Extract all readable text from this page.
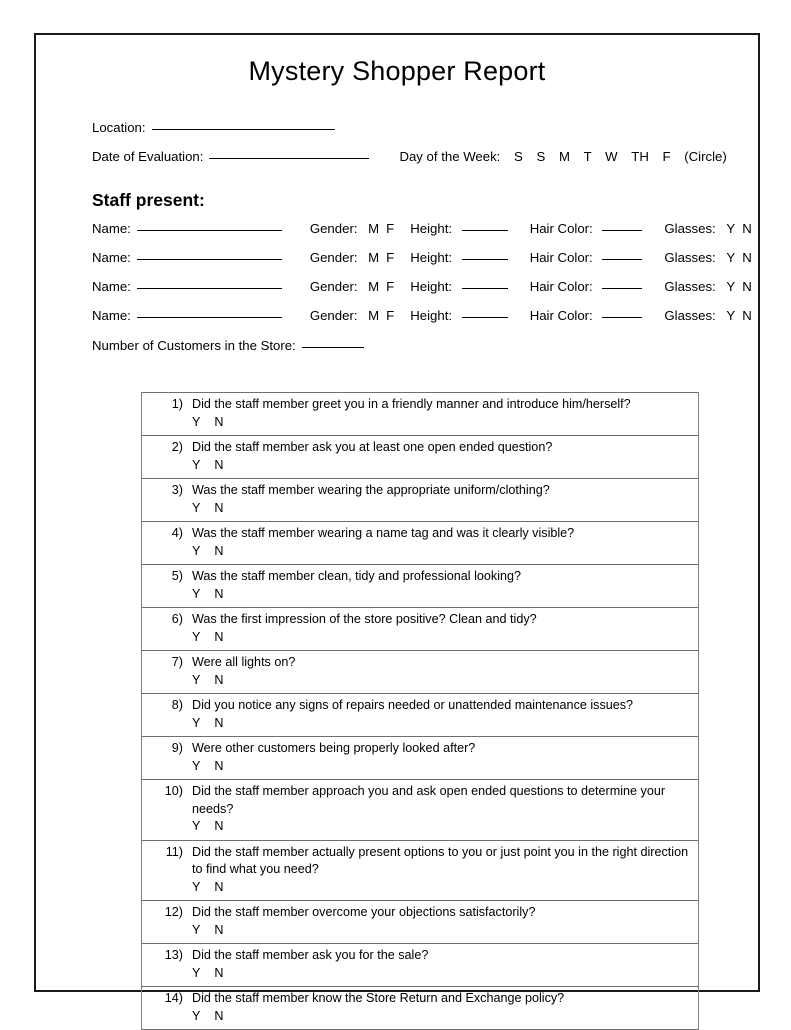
Mystery Shopper Report
Location:
Date of Evaluation:	Day of the Week: S S M T W TH F (Circle)
Staff present:
Name:	Gender: M F Height:	Hair Color:	Glasses: Y N
Name:	Gender: M F Height:	Hair Color:	Glasses: Y N
Name:	Gender: M F Height:	Hair Color:	Glasses: Y N
Name:	Gender: M F Height:	Hair Color:	Glasses: Y N
Number of Customers in the Store:
1) Did the staff member greet you in a friendly manner and introduce him/herself?
Y N

2) Did the staff member ask you at least one open ended question?
Y N

3) Was the staff member wearing the appropriate uniform/clothing?
Y N

4) Was the staff member wearing a name tag and was it clearly visible?
Y N

5) Was the staff member clean, tidy and professional looking?
Y N

6) Was the first impression of the store positive? Clean and tidy?
Y N

7) Were all lights on?
Y N

8) Did you notice any signs of repairs needed or unattended maintenance issues?
Y N

9) Were other customers being properly looked after?
Y N

10) Did the staff member approach you and ask open ended questions to determine your needs?
Y N

11) Did the staff member actually present options to you or just point you in the right direction to find what you need?
Y N

12) Did the staff member overcome your objections satisfactorily?
Y N

13) Did the staff member ask you for the sale?
Y N

14) Did the staff member know the Store Return and Exchange policy?
Y N
